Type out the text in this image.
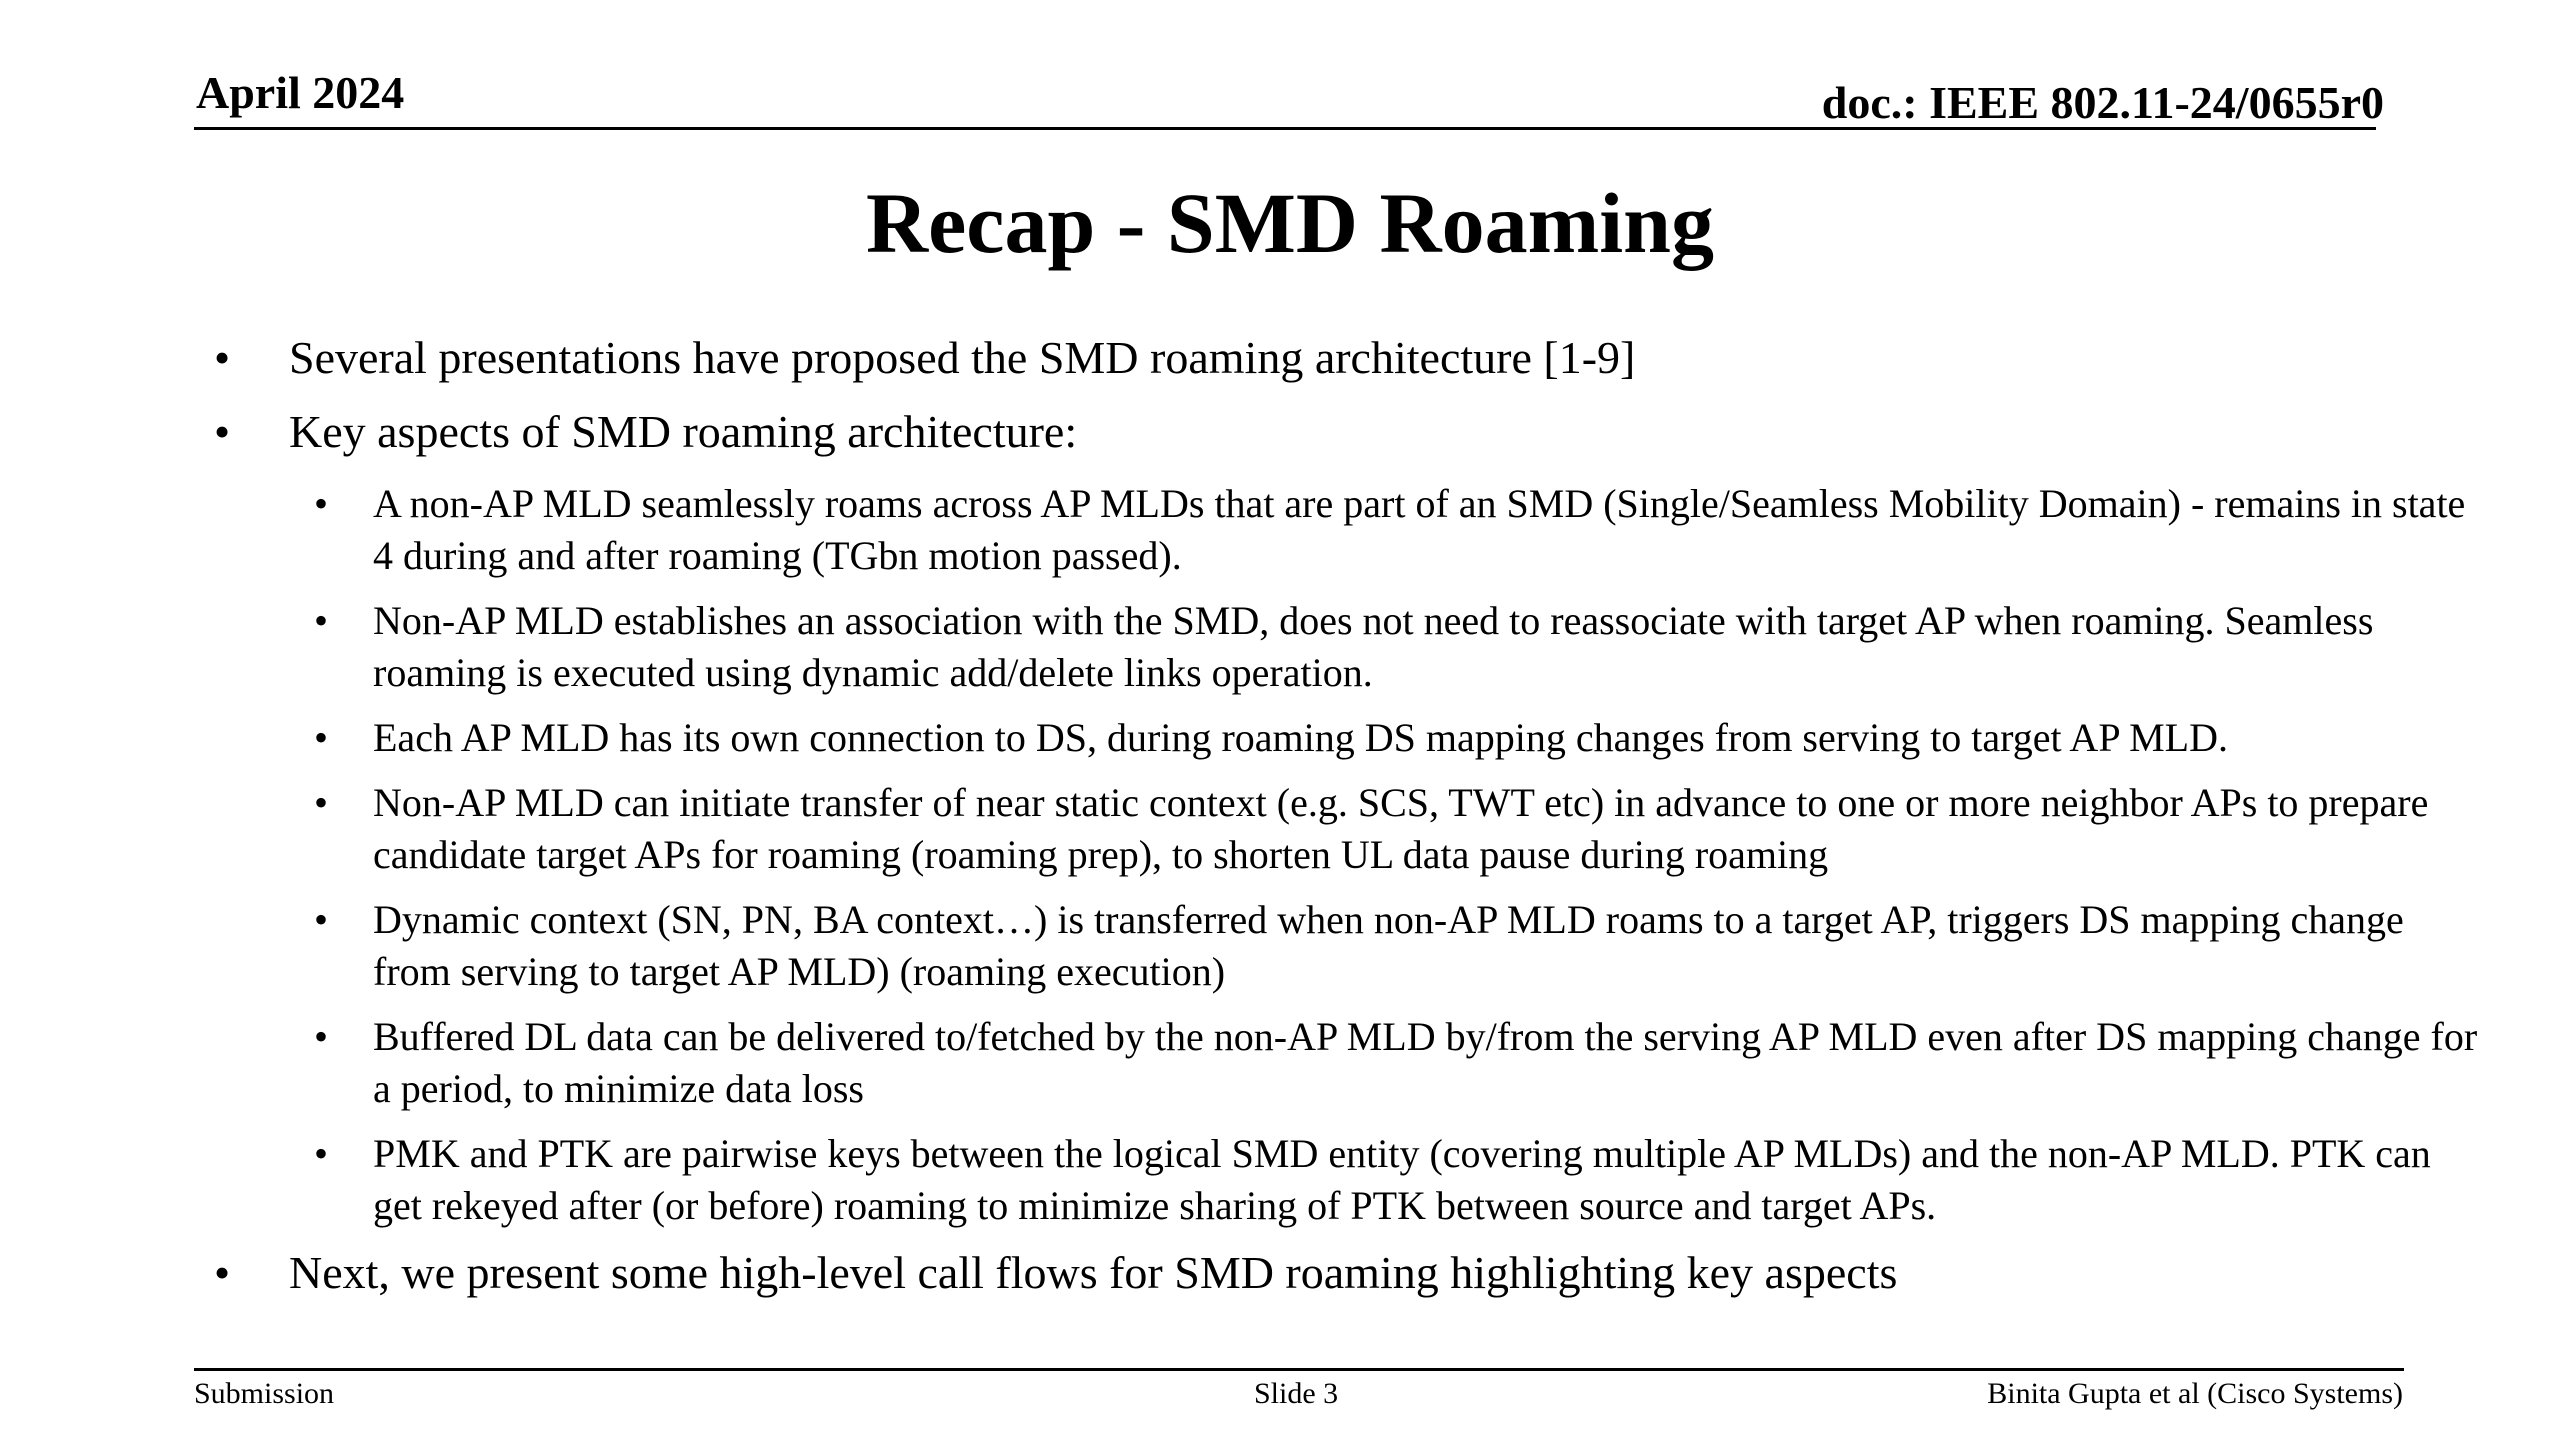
April 2024	doc.: IEEE 802.11-24/0655r0
Recap - SMD Roaming
• Several presentations have proposed the SMD roaming architecture [1-9]
• Key aspects of SMD roaming architecture:
• A non-AP MLD seamlessly roams across AP MLDs that are part of an SMD (Single/Seamless Mobility Domain) - remains in state 4 during and after roaming (TGbn motion passed).
• Non-AP MLD establishes an association with the SMD, does not need to reassociate with target AP when roaming. Seamless roaming is executed using dynamic add/delete links operation.
• Each AP MLD has its own connection to DS, during roaming DS mapping changes from serving to target AP MLD.
• Non-AP MLD can initiate transfer of near static context (e.g. SCS, TWT etc) in advance to one or more neighbor APs to prepare candidate target APs for roaming (roaming prep), to shorten UL data pause during roaming
• Dynamic context (SN, PN, BA context…) is transferred when non-AP MLD roams to a target AP, triggers DS mapping change from serving to target AP MLD) (roaming execution)
• Buffered DL data can be delivered to/fetched by the non-AP MLD by/from the serving AP MLD even after DS mapping change for a period, to minimize data loss
• PMK and PTK are pairwise keys between the logical SMD entity (covering multiple AP MLDs) and the non-AP MLD. PTK can get rekeyed after (or before) roaming to minimize sharing of PTK between source and target APs.
• Next, we present some high-level call flows for SMD roaming highlighting key aspects
Submission	Slide 3	Binita Gupta et al (Cisco Systems)
